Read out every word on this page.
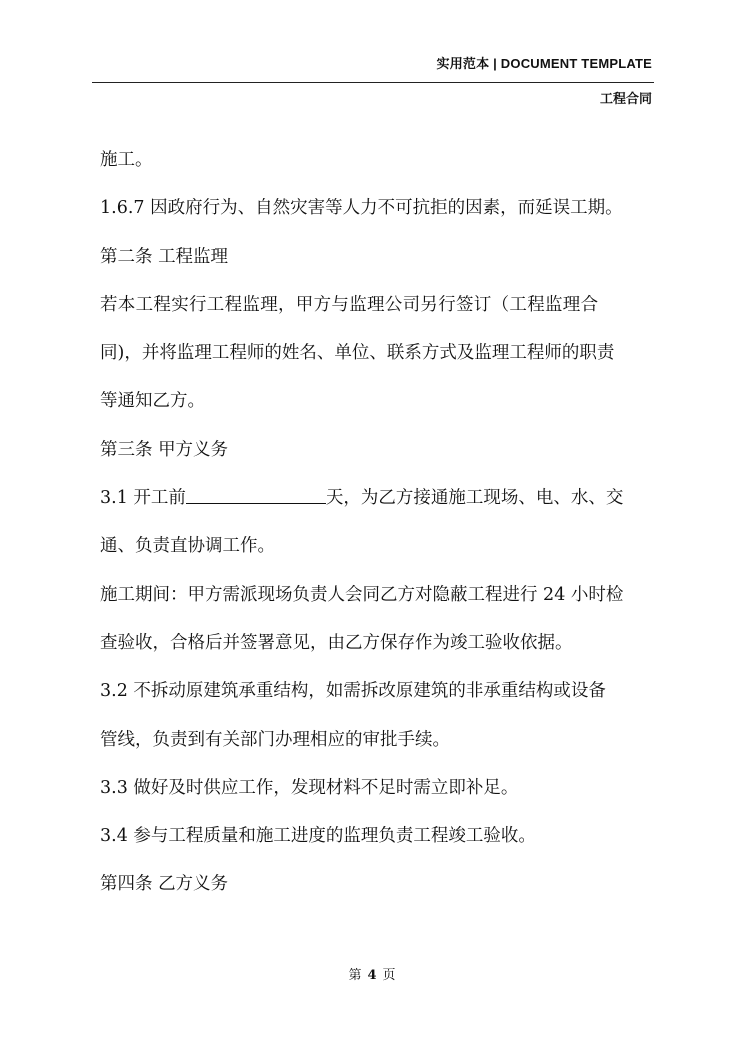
实用范本 | DOCUMENT TEMPLATE
工程合同
施工。
1.6.7 因政府行为、自然灾害等人力不可抗拒的因素，而延误工期。
第二条 工程监理
若本工程实行工程监理，甲方与监理公司另行签订（工程监理合
同)，并将监理工程师的姓名、单位、联系方式及监理工程师的职责
等通知乙方。
第三条 甲方义务
3.1 开工前	天，为乙方接通施工现场、电、水、交
通、负责直协调工作。
施工期间：甲方需派现场负责人会同乙方对隐蔽工程进行 24 小时检
查验收，合格后并签署意见，由乙方保存作为竣工验收依据。
3.2 不拆动原建筑承重结构，如需拆改原建筑的非承重结构或设备
管线，负责到有关部门办理相应的审批手续。
3.3 做好及时供应工作，发现材料不足时需立即补足。
3.4 参与工程质量和施工进度的监理负责工程竣工验收。
第四条 乙方义务
第 4 页
